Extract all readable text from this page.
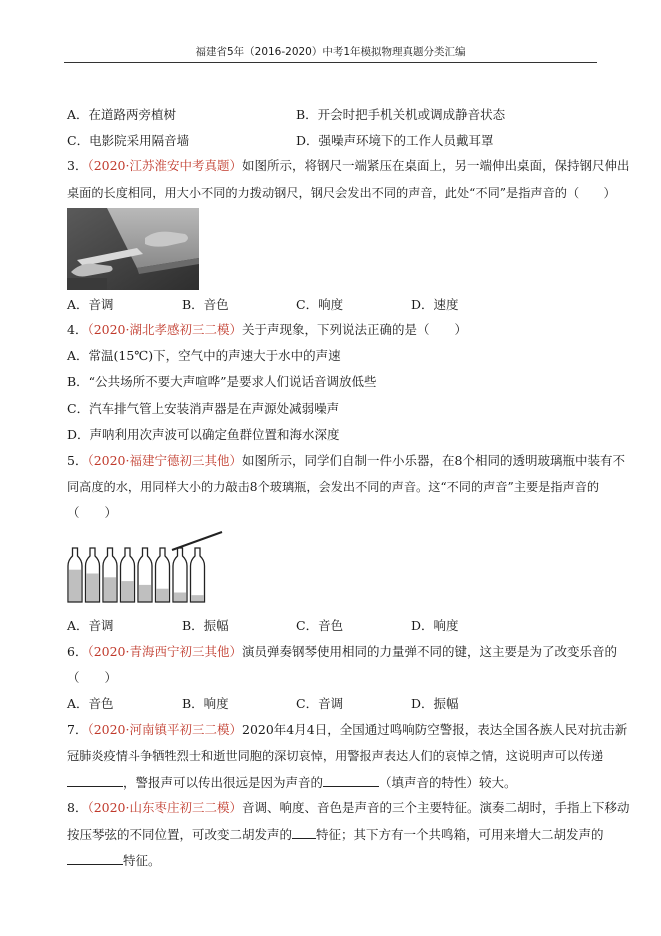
福建省5年（2016-2020）中考1年模拟物理真题分类汇编
A．在道路两旁植树	B．开会时把手机关机或调成静音状态
C．电影院采用隔音墙	D．强噪声环境下的工作人员戴耳罩
3．（2020·江苏淮安中考真题）如图所示，将钢尺一端紧压在桌面上，另一端伸出桌面，保持钢尺伸出
桌面的长度相同，用大小不同的力拨动钢尺，钢尺会发出不同的声音，此处“不同”是指声音的（　　）
A．音调	B．音色	C．响度	D．速度
4．（2020·湖北孝感初三二模）关于声现象，下列说法正确的是（　　）
A．常温(15℃)下，空气中的声速大于水中的声速
B．“公共场所不要大声喧哗”是要求人们说话音调放低些
C．汽车排气管上安装消声器是在声源处减弱噪声
D．声呐利用次声波可以确定鱼群位置和海水深度
5．（2020·福建宁德初三其他）如图所示，同学们自制一件小乐器，在8个相同的透明玻璃瓶中装有不
同高度的水，用同样大小的力敲击8个玻璃瓶，会发出不同的声音。这“不同的声音”主要是指声音的
（　　）
A．音调	B．振幅	C．音色	D．响度
6．（2020·青海西宁初三其他）演员弹奏钢琴使用相同的力量弹不同的键，这主要是为了改变乐音的
（　　）
A．音色	B．响度	C．音调	D．振幅
7．（2020·河南镇平初三二模）2020年4月4日，全国通过鸣响防空警报，表达全国各族人民对抗击新
冠肺炎疫情斗争牺牲烈士和逝世同胞的深切哀悼，用警报声表达人们的哀悼之情，这说明声可以传递
，警报声可以传出很远是因为声音的	（填声音的特性）较大。
8．（2020·山东枣庄初三二模）音调、响度、音色是声音的三个主要特征。演奏二胡时，手指上下移动
按压琴弦的不同位置，可改变二胡发声的 特征；其下方有一个共鸣箱，可用来增大二胡发声的
特征。
